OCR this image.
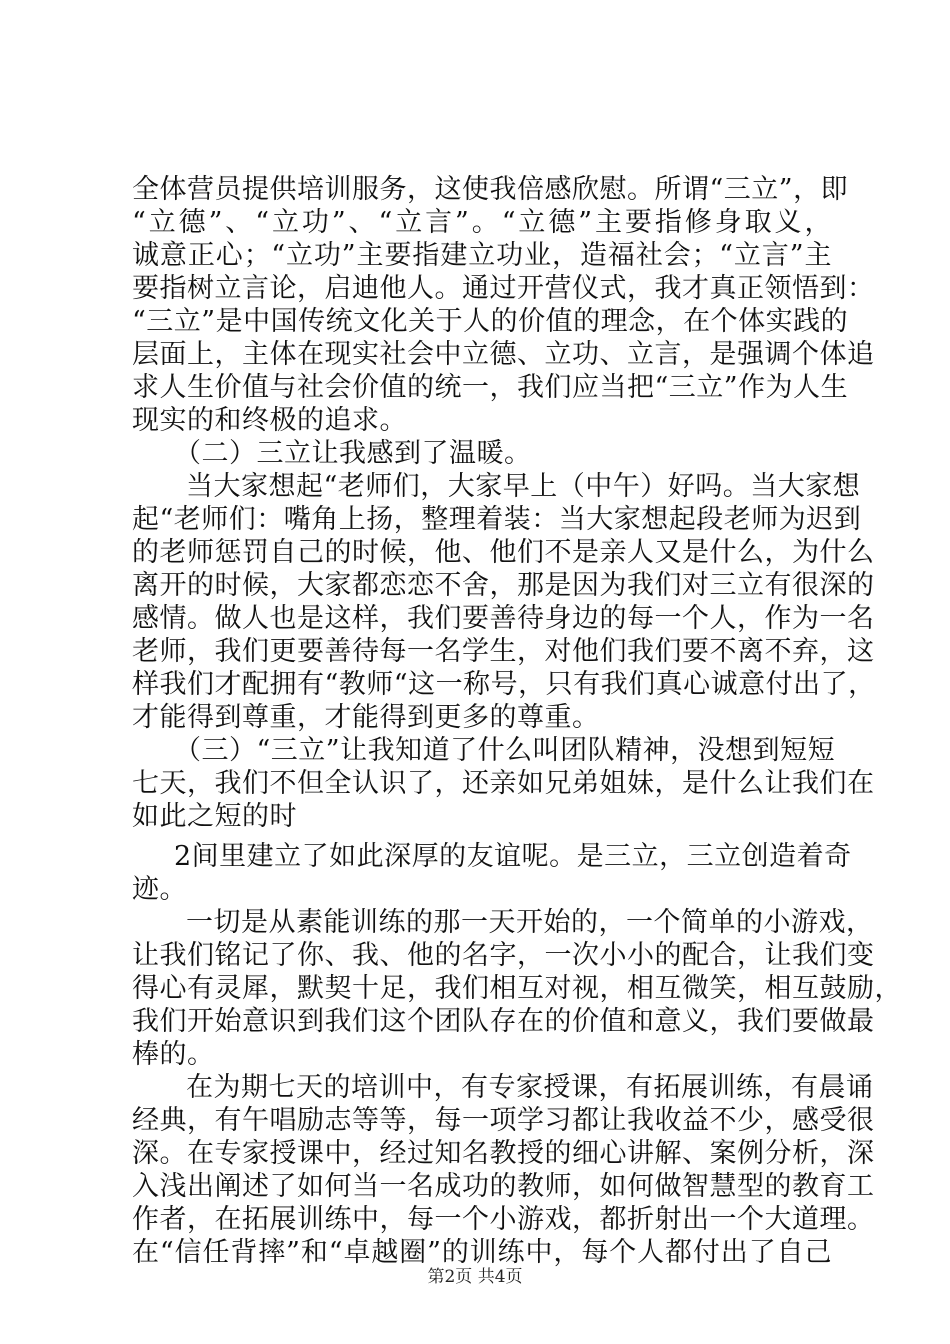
全体营员提供培训服务，这使我倍感欣慰。所谓“三立”，即
“立德”、“立功”、“立言”。“立德”主要指修身取义，
诚意正心；“立功”主要指建立功业，造福社会；“立言”主
要指树立言论，启迪他人。通过开营仪式，我才真正领悟到：
“三立”是中国传统文化关于人的价值的理念，在个体实践的
层面上，主体在现实社会中立德、立功、立言，是强调个体追
求人生价值与社会价值的统一，我们应当把“三立”作为人生
现实的和终极的追求。
（二）三立让我感到了温暖。
当大家想起“老师们，大家早上（中午）好吗。当大家想
起“老师们：嘴角上扬，整理着装：当大家想起段老师为迟到
的老师惩罚自己的时候，他、他们不是亲人又是什么，为什么
离开的时候，大家都恋恋不舍，那是因为我们对三立有很深的
感情。做人也是这样，我们要善待身边的每一个人，作为一名
老师，我们更要善待每一名学生，对他们我们要不离不弃，这
样我们才配拥有“教师“这一称号，只有我们真心诚意付出了，
才能得到尊重，才能得到更多的尊重。
（三）“三立”让我知道了什么叫团队精神，没想到短短
七天，我们不但全认识了，还亲如兄弟姐妹，是什么让我们在
如此之短的时
2间里建立了如此深厚的友谊呢。是三立，三立创造着奇
迹。
一切是从素能训练的那一天开始的，一个简单的小游戏，
让我们铭记了你、我、他的名字，一次小小的配合，让我们变
得心有灵犀，默契十足，我们相互对视，相互微笑，相互鼓励，
我们开始意识到我们这个团队存在的价值和意义，我们要做最
棒的。
在为期七天的培训中，有专家授课，有拓展训练，有晨诵
经典，有午唱励志等等，每一项学习都让我收益不少，感受很
深。在专家授课中，经过知名教授的细心讲解、案例分析，深
入浅出阐述了如何当一名成功的教师，如何做智慧型的教育工
作者，在拓展训练中，每一个小游戏，都折射出一个大道理。
在“信任背摔”和“卓越圈”的训练中，每个人都付出了自己
第2页 共4页
